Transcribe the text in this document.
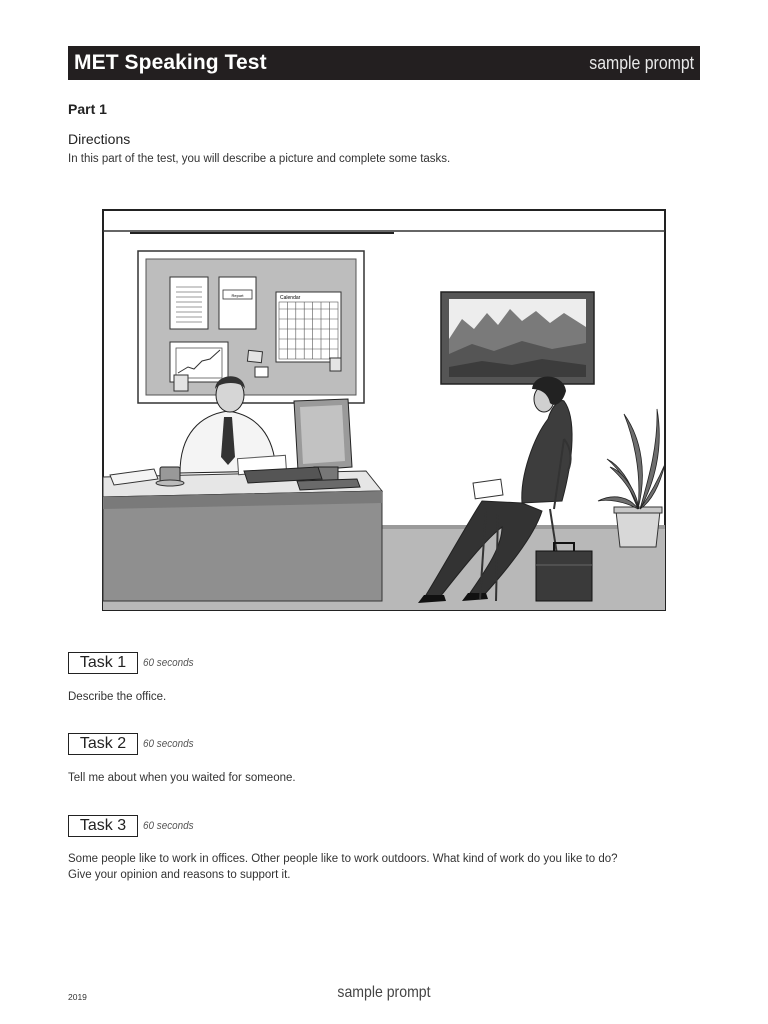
MET Speaking Test	sample prompt
Part 1
Directions
In this part of the test, you will describe a picture and complete some tasks.
Report	Calendar
Task 1 60 seconds
Describe the office.
Task 2 60 seconds
Tell me about when you waited for someone.
Task 3 60 seconds
Some people like to work in offices. Other people like to work outdoors. What kind of work do you like to do?
Give your opinion and reasons to support it.
2019	sample prompt
